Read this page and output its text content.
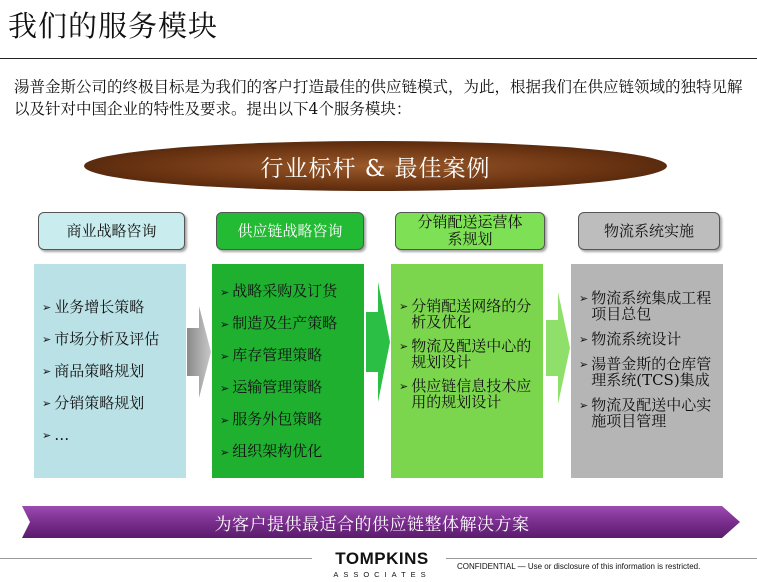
我们的服务模块
湯普金斯公司的终极目标是为我们的客户打造最佳的供应链模式，为此，根据我们在供应链领域的独特见解以及针对中国企业的特性及要求。提出以下4个服务模块：
行业标杆 & 最佳案例
商业战略咨询	供应链战略咨询	分销配送运营体系规划	物流系统实施
➢ 业务增长策略
➢ 市场分析及评估
➢ 商品策略规划
➢ 分销策略规划
➢ …
➢ 战略采购及订货
➢ 制造及生产策略
➢ 库存管理策略
➢ 运输管理策略
➢ 服务外包策略
➢ 组织架构优化
➢ 分销配送网络的分析及优化
➢ 物流及配送中心的规划设计
➢ 供应链信息技术应用的规划设计
➢ 物流系统集成工程项目总包
➢ 物流系统设计
➢ 湯普金斯的仓库管理系统(TCS)集成
➢ 物流及配送中心实施项目管理
为客户提供最适合的供应链整体解决方案
TOMPKINS
ASSOCIATES
CONFIDENTIAL — Use or disclosure of this information is restricted.
